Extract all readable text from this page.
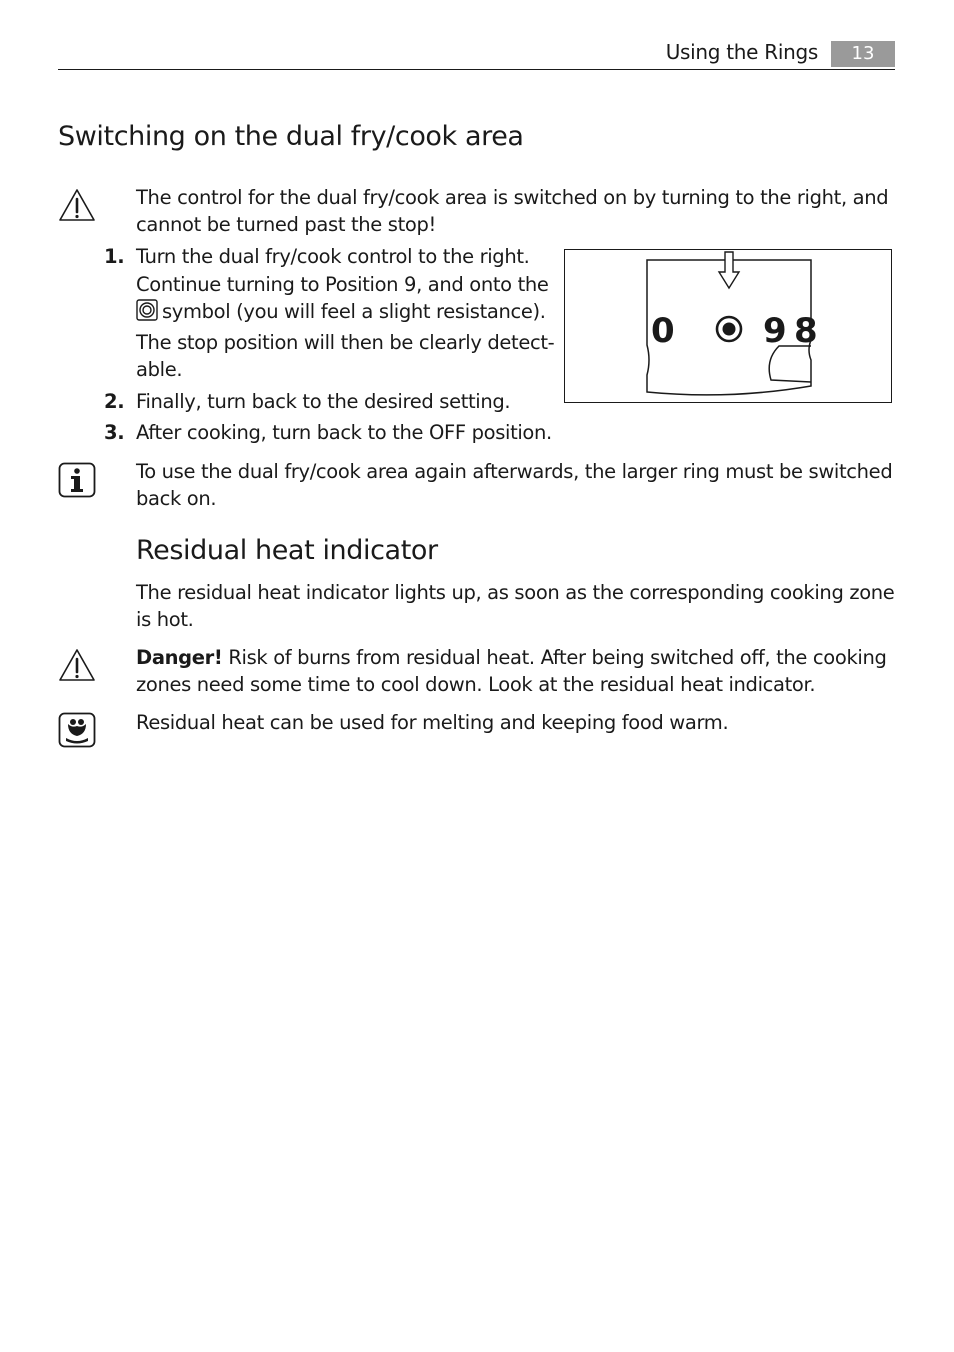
Using the Rings	13
Switching on the dual fry/cook area

The control for the dual fry/cook area is switched on by turning to the right, and cannot be turned past the stop!

1. Turn the dual fry/cook control to the right. Continue turning to Position 9, and onto the symbol (you will feel a slight resistance). The stop position will then be clearly detect-able.
2. Finally, turn back to the desired setting.
3. After cooking, turn back to the OFF position.
0	9 8

To use the dual fry/cook area again afterwards, the larger ring must be switched back on.

Residual heat indicator

The residual heat indicator lights up, as soon as the corresponding cooking zone is hot.

Danger! Risk of burns from residual heat. After being switched off, the cooking zones need some time to cool down. Look at the residual heat indicator.

Residual heat can be used for melting and keeping food warm.
